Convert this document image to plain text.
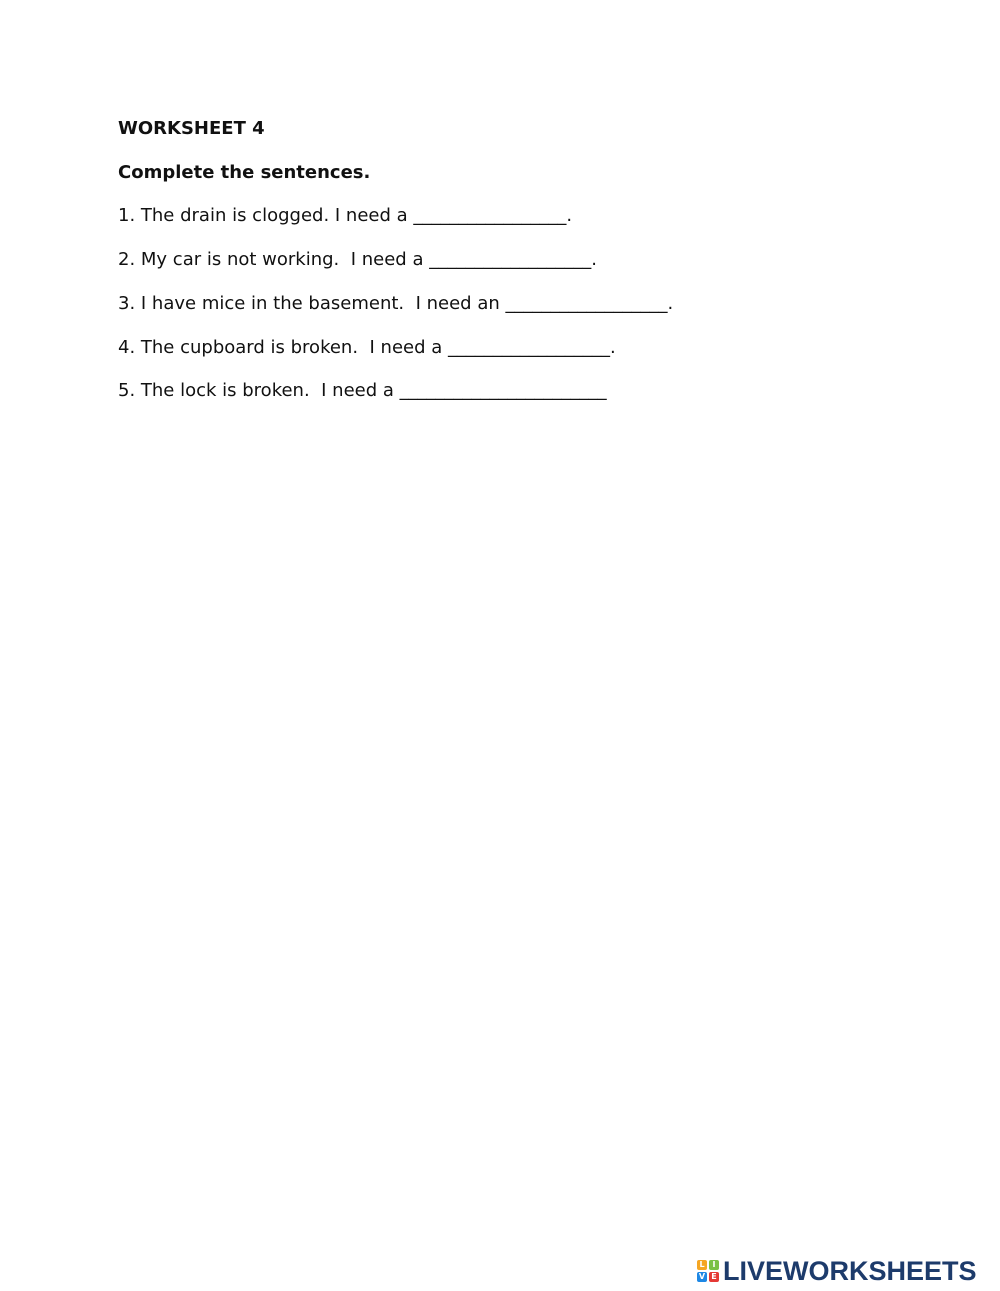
WORKSHEET 4
Complete the sentences.
1. The drain is clogged. I need a _________________.
2. My car is not working.  I need a __________________.
3. I have mice in the basement.  I need an __________________.
4. The cupboard is broken.  I need a __________________.
5. The lock is broken.  I need a _______________________
L I
V E LIVEWORKSHEETS
